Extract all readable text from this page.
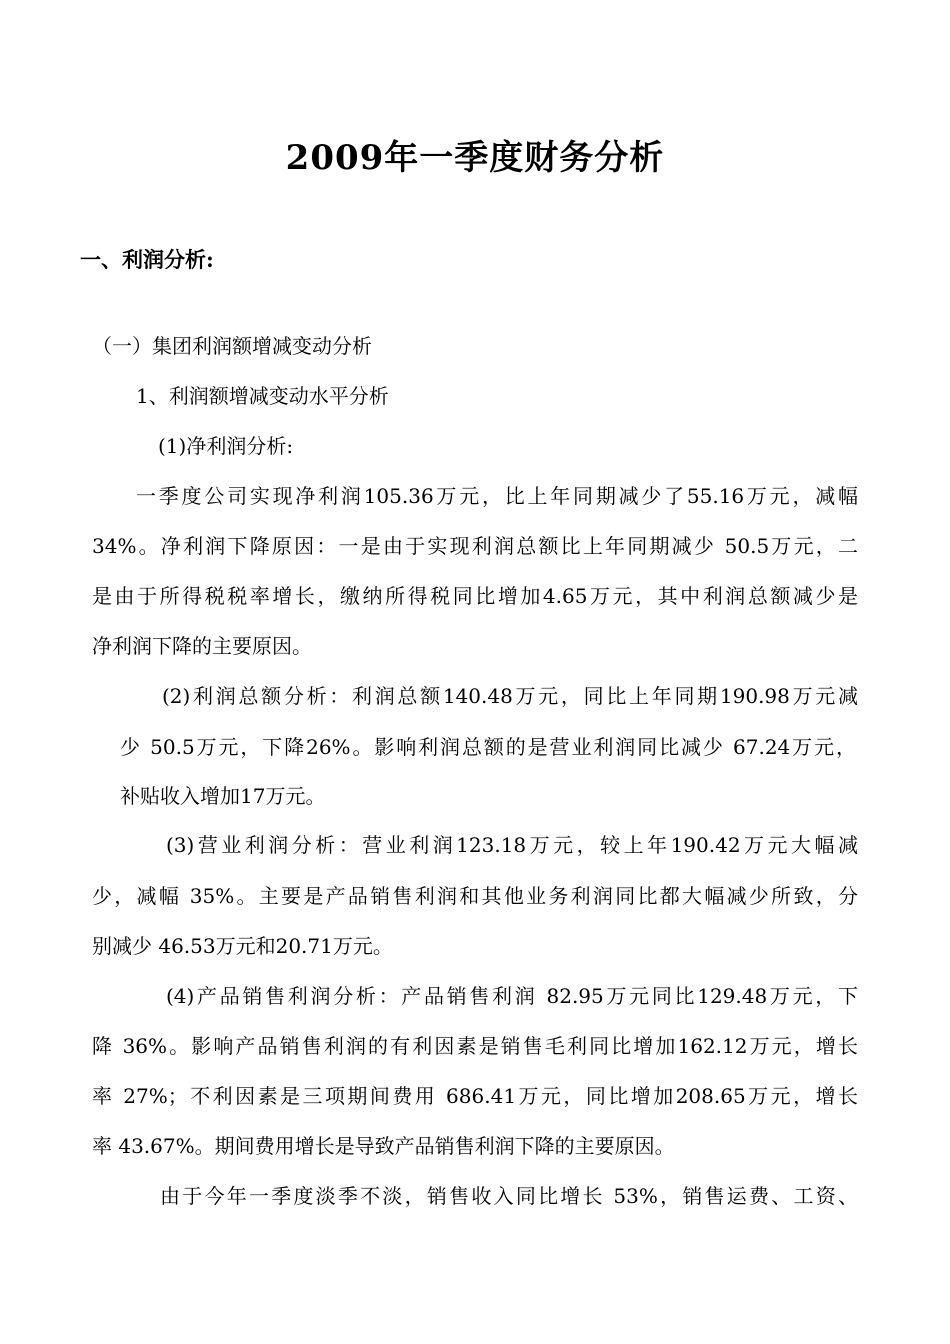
2009年一季度财务分析
一、利润分析:
（一）集团利润额增减变动分析
1、利润额增减变动水平分析
(1)净利润分析:
一季度公司实现净利润105.36万元，比上年同期减少了55.16万元，减幅
34%。净利润下降原因：一是由于实现利润总额比上年同期减少 50.5万元，二
是由于所得税税率增长，缴纳所得税同比增加4.65万元，其中利润总额减少是
净利润下降的主要原因。
(2)利润总额分析：利润总额140.48万元，同比上年同期190.98万元减
少 50.5万元，下降26%。影响利润总额的是营业利润同比减少 67.24万元，
补贴收入增加17万元。
(3)营业利润分析：营业利润123.18万元，较上年190.42万元大幅减
少，减幅 35%。主要是产品销售利润和其他业务利润同比都大幅减少所致，分
别减少 46.53万元和20.71万元。
(4)产品销售利润分析：产品销售利润 82.95万元同比129.48万元，下
降 36%。影响产品销售利润的有利因素是销售毛利同比增加162.12万元，增长
率 27%；不利因素是三项期间费用 686.41万元，同比增加208.65万元，增长
率 43.67%。期间费用增长是导致产品销售利润下降的主要原因。
由于今年一季度淡季不淡，销售收入同比增长 53%，销售运费、工资、
